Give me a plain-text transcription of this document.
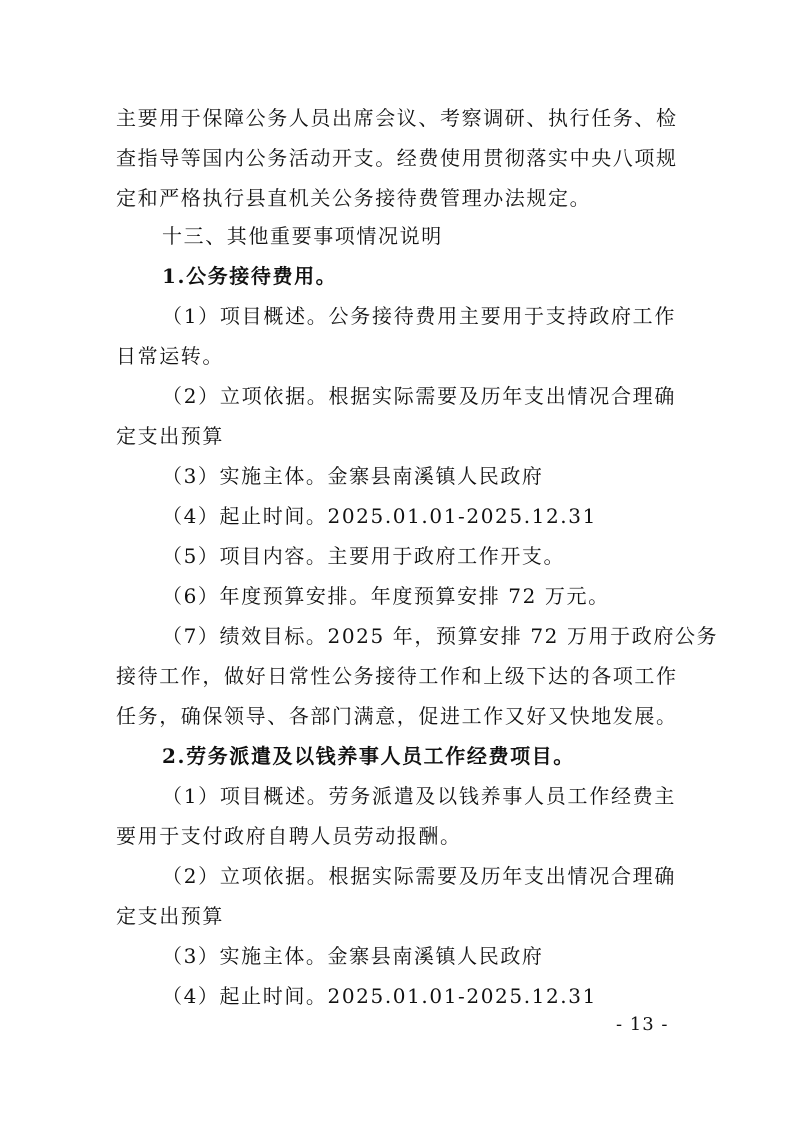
主要用于保障公务人员出席会议、考察调研、执行任务、检
查指导等国内公务活动开支。经费使用贯彻落实中央八项规
定和严格执行县直机关公务接待费管理办法规定。
十三、其他重要事项情况说明
1.公务接待费用。
（1）项目概述。公务接待费用主要用于支持政府工作
日常运转。
（2）立项依据。根据实际需要及历年支出情况合理确
定支出预算
（3）实施主体。金寨县南溪镇人民政府
（4）起止时间。2025.01.01-2025.12.31
（5）项目内容。主要用于政府工作开支。
（6）年度预算安排。年度预算安排 72 万元。
（7）绩效目标。2025 年，预算安排 72 万用于政府公务
接待工作，做好日常性公务接待工作和上级下达的各项工作
任务，确保领导、各部门满意，促进工作又好又快地发展。
2.劳务派遣及以钱养事人员工作经费项目。
（1）项目概述。劳务派遣及以钱养事人员工作经费主
要用于支付政府自聘人员劳动报酬。
（2）立项依据。根据实际需要及历年支出情况合理确
定支出预算
（3）实施主体。金寨县南溪镇人民政府
（4）起止时间。2025.01.01-2025.12.31
- 13 -
